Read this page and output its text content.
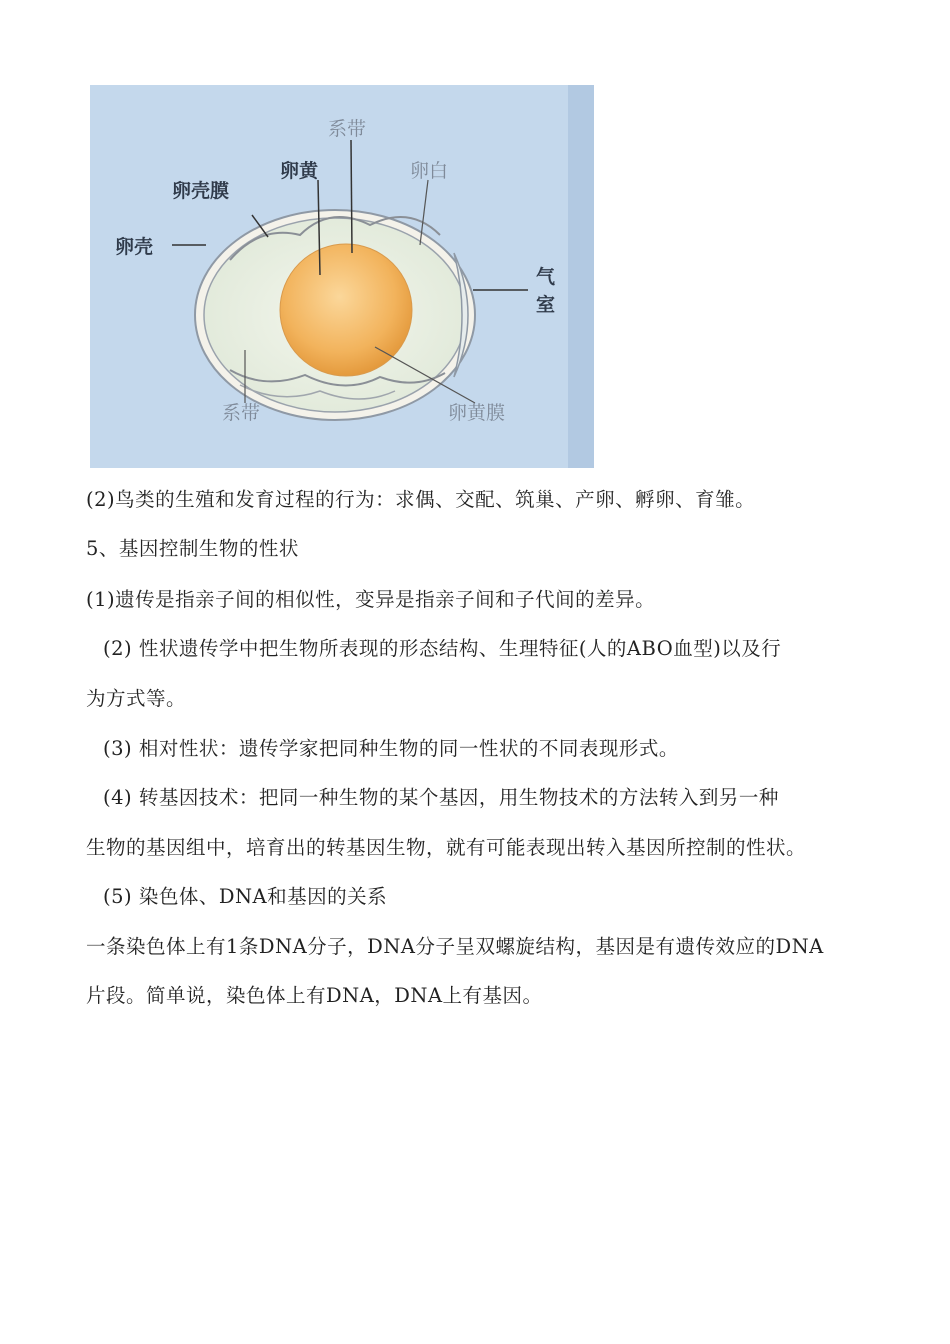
系带
卵黄	卵白
卵壳膜
卵壳
气
室
系带	卵黄膜
(2)鸟类的生殖和发育过程的行为：求偶、交配、筑巢、产卵、孵卵、育雏。
5、基因控制生物的性状
(1)遗传是指亲子间的相似性，变异是指亲子间和子代间的差异。
(2) 性状遗传学中把生物所表现的形态结构、生理特征(人的ABO血型)以及行
为方式等。
(3) 相对性状：遗传学家把同种生物的同一性状的不同表现形式。
(4) 转基因技术：把同一种生物的某个基因，用生物技术的方法转入到另一种
生物的基因组中，培育出的转基因生物，就有可能表现出转入基因所控制的性状。
(5) 染色体、DNA和基因的关系
一条染色体上有1条DNA分子，DNA分子呈双螺旋结构，基因是有遗传效应的DNA
片段。简单说，染色体上有DNA，DNA上有基因。
